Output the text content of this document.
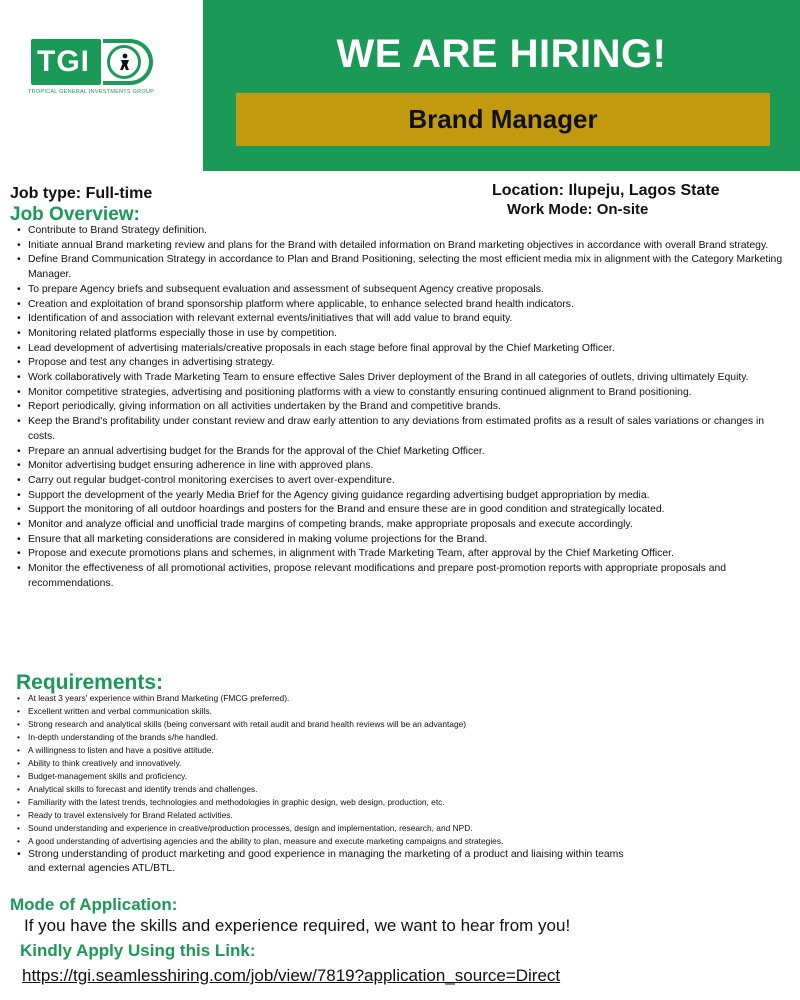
TGI
TROPICAL GENERAL INVESTMENTS GROUP
WE ARE HIRING!
Brand Manager
Job type: Full-time	Location: Ilupeju, Lagos State
Work Mode: On-site
Job Overview:
• Contribute to Brand Strategy definition.
• Initiate annual Brand marketing review and plans for the Brand with detailed information on Brand marketing objectives in accordance with overall Brand strategy.
• Define Brand Communication Strategy in accordance to Plan and Brand Positioning, selecting the most efficient media mix in alignment with the Category Marketing Manager.
• To prepare Agency briefs and subsequent evaluation and assessment of subsequent Agency creative proposals.
• Creation and exploitation of brand sponsorship platform where applicable, to enhance selected brand health indicators.
• Identification of and association with relevant external events/initiatives that will add value to brand equity.
• Monitoring related platforms especially those in use by competition.
• Lead development of advertising materials/creative proposals in each stage before final approval by the Chief Marketing Officer.
• Propose and test any changes in advertising strategy.
• Work collaboratively with Trade Marketing Team to ensure effective Sales Driver deployment of the Brand in all categories of outlets, driving ultimately Equity.
• Monitor competitive strategies, advertising and positioning platforms with a view to constantly ensuring continued alignment to Brand positioning.
• Report periodically, giving information on all activities undertaken by the Brand and competitive brands.
• Keep the Brand's profitability under constant review and draw early attention to any deviations from estimated profits as a result of sales variations or changes in costs.
• Prepare an annual advertising budget for the Brands for the approval of the Chief Marketing Officer.
• Monitor advertising budget ensuring adherence in line with approved plans.
• Carry out regular budget-control monitoring exercises to avert over-expenditure.
• Support the development of the yearly Media Brief for the Agency giving guidance regarding advertising budget appropriation by media.
• Support the monitoring of all outdoor hoardings and posters for the Brand and ensure these are in good condition and strategically located.
• Monitor and analyze official and unofficial trade margins of competing brands, make appropriate proposals and execute accordingly.
• Ensure that all marketing considerations are considered in making volume projections for the Brand.
• Propose and execute promotions plans and schemes, in alignment with Trade Marketing Team, after approval by the Chief Marketing Officer.
• Monitor the effectiveness of all promotional activities, propose relevant modifications and prepare post-promotion reports with appropriate proposals and recommendations.
Requirements:
• At least 3 years' experience within Brand Marketing (FMCG preferred).
• Excellent written and verbal communication skills.
• Strong research and analytical skills (being conversant with retail audit and brand health reviews will be an advantage)
• In-depth understanding of the brands s/he handled.
• A willingness to listen and have a positive attitude.
• Ability to think creatively and innovatively.
• Budget-management skills and proficiency.
• Analytical skills to forecast and identify trends and challenges.
• Familiarity with the latest trends, technologies and methodologies in graphic design, web design, production, etc.
• Ready to travel extensively for Brand Related activities.
• Sound understanding and experience in creative/production processes, design and implementation, research, and NPD.
• A good understanding of advertising agencies and the ability to plan, measure and execute marketing campaigns and strategies.
• Strong understanding of product marketing and good experience in managing the marketing of a product and liaising within teams and external agencies ATL/BTL.
Mode of Application:
If you have the skills and experience required, we want to hear from you!
Kindly Apply Using this Link:
https://tgi.seamlesshiring.com/job/view/7819?application_source=Direct
